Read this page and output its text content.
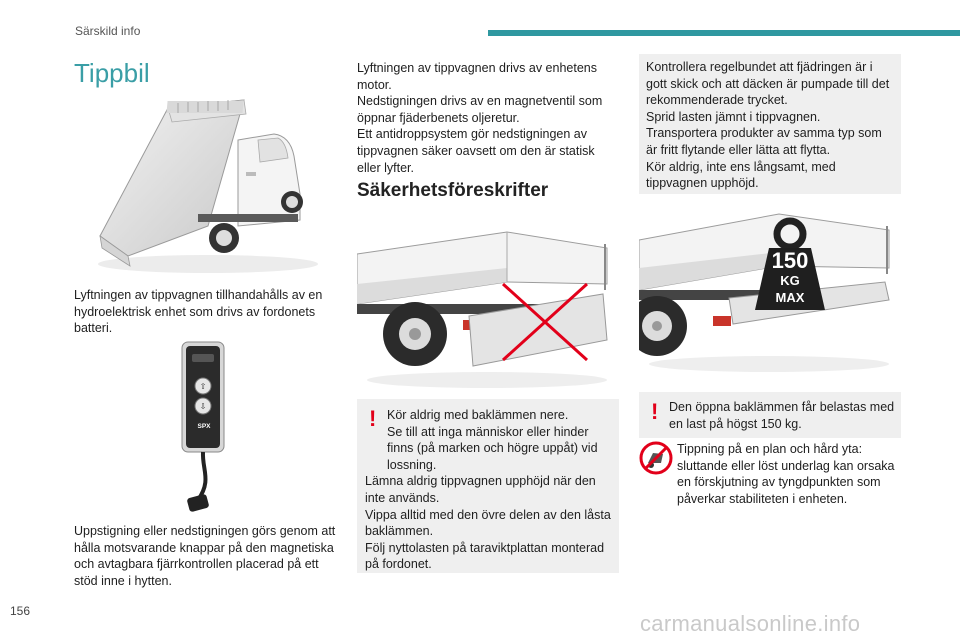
Särskild info
Tippbil
Lyftningen av tippvagnen tillhandahålls av en hydroelektrisk enhet som drivs av fordonets batteri.
⇧
⇩
SPX
Uppstigning eller nedstigningen görs genom att hålla motsvarande knappar på den magnetiska och avtagbara fjärrkontrollen placerad på ett stöd inne i hytten.

Lyftningen av tippvagnen drivs av enhetens motor.

Nedstigningen drivs av en magnetventil som öppnar fjäderbenets oljeretur.

Ett antidroppsystem gör nedstigningen av tippvagnen säker oavsett om den är statisk eller lyfter.

Säkerhetsföreskrifter
! Kör aldrig med baklämmen nere.

Se till att inga människor eller hinder finns (på marken och högre uppåt) vid lossning.

Lämna aldrig tippvagnen upphöjd när den inte används.

Vippa alltid med den övre delen av den låsta baklämmen.

Följ nyttolasten på taraviktplattan monterad på fordonet.

Kontrollera regelbundet att fjädringen är i gott skick och att däcken är pumpade till det rekommenderade trycket.

Sprid lasten jämnt i tippvagnen.

Transportera produkter av samma typ som är fritt flytande eller lätta att flytta.

Kör aldrig, inte ens långsamt, med tippvagnen upphöjd.

150
KG
MAX
! Den öppna baklämmen får belastas med en last på högst 150 kg.
Tippning på en plan och hård yta: sluttande eller löst underlag kan orsaka en förskjutning av tyngdpunkten som påverkar stabiliteten i enheten.
156	carmanualsonline.info
